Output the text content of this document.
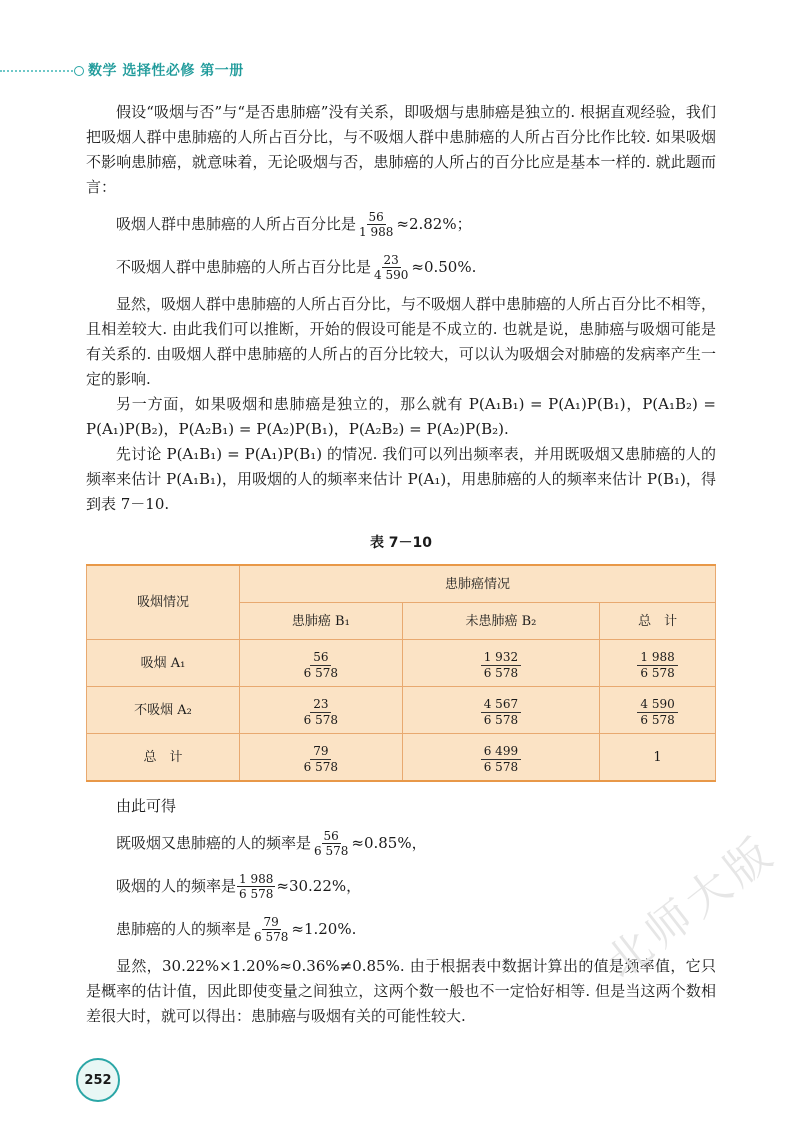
数学 选择性必修 第一册

假设“吸烟与否”与“是否患肺癌”没有关系，即吸烟与患肺癌是独立的. 根据直观经验，我们把吸烟人群中患肺癌的人所占百分比，与不吸烟人群中患肺癌的人所占百分比作比较. 如果吸烟不影响患肺癌，就意味着，无论吸烟与否，患肺癌的人所占的百分比应是基本一样的. 就此题而言：

吸烟人群中患肺癌的人所占百分比是 $\frac{56}{1 988} \approx 2.82\%$；
不吸烟人群中患肺癌的人所占百分比是 $\frac{23}{4 590} \approx 0.50\%$.

显然，吸烟人群中患肺癌的人所占百分比，与不吸烟人群中患肺癌的人所占百分比不相等，且相差较大. 由此我们可以推断，开始的假设可能是不成立的. 也就是说，患肺癌与吸烟可能是有关系的. 由吸烟人群中患肺癌的人所占的百分比较大，可以认为吸烟会对肺癌的发病率产生一定的影响.

另一方面，如果吸烟和患肺癌是独立的，那么就有 P(A₁B₁) = P(A₁)P(B₁)，P(A₁B₂) = P(A₁)P(B₂)，P(A₂B₁) = P(A₂)P(B₁)，P(A₂B₂) = P(A₂)P(B₂).

先讨论 P(A₁B₁) = P(A₁)P(B₁) 的情况. 我们可以列出频率表，并用既吸烟又患肺癌的人的频率来估计 P(A₁B₁)，用吸烟的人的频率来估计 P(A₁)，用患肺癌的人的频率来估计 P(B₁)，得到表 7－10.

表 7－10
吸烟情况	患肺癌情况		
	患肺癌 B₁	未患肺癌 B₂	总　计
吸烟 A₁	$\frac{56}{6 578}$	$\frac{1 932}{6 578}$	$\frac{1 988}{6 578}$

不吸烟 A₂	$\frac{23}{6 578}$	$\frac{4 567}{6 578}$	$\frac{4 590}{6 578}$

总　计	$\frac{79}{6 578}$	$\frac{6 499}{6 578}$	1

由此可得

既吸烟又患肺癌的人的频率是 $\frac{56}{6 578} \approx 0.85\%$，
吸烟的人的频率是 $\frac{1 988}{6 578} \approx 30.22\%$，
患肺癌的人的频率是 $\frac{79}{6 578} \approx 1.20\%$.

显然，30.22%×1.20%≈0.36%≠0.85%. 由于根据表中数据计算出的值是频率值，它只是概率的估计值，因此即使变量之间独立，这两个数一般也不一定恰好相等. 但是当这两个数相差很大时，就可以得出：患肺癌与吸烟有关的可能性较大.

252
北师大版
